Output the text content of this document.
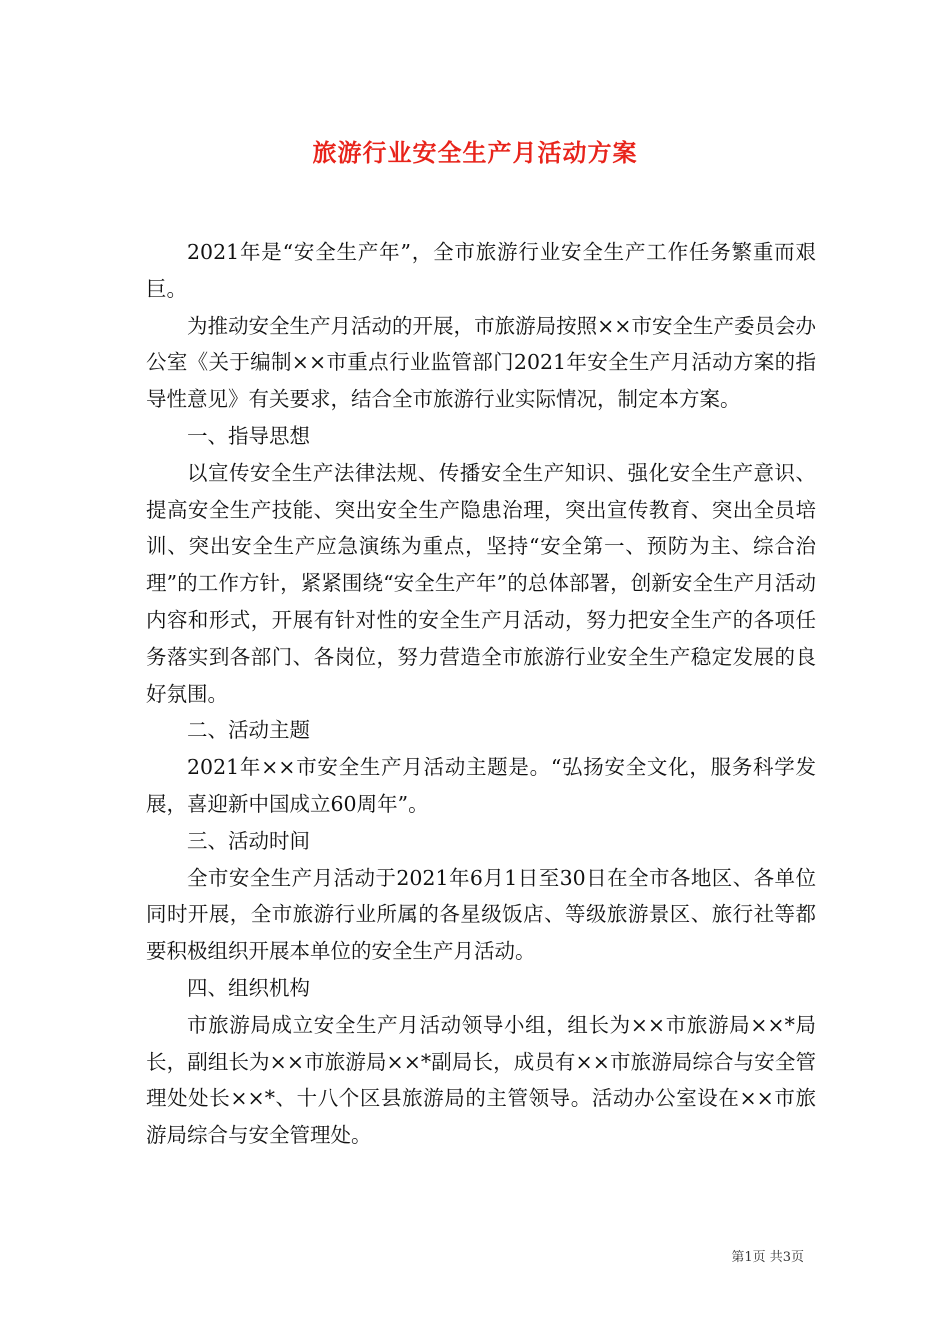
旅游行业安全生产月活动方案

2021年是“安全生产年”，全市旅游行业安全生产工作任务繁重而艰巨。

为推动安全生产月活动的开展，市旅游局按照××市安全生产委员会办公室《关于编制××市重点行业监管部门2021年安全生产月活动方案的指导性意见》有关要求，结合全市旅游行业实际情况，制定本方案。

一、指导思想

以宣传安全生产法律法规、传播安全生产知识、强化安全生产意识、提高安全生产技能、突出安全生产隐患治理，突出宣传教育、突出全员培训、突出安全生产应急演练为重点，坚持“安全第一、预防为主、综合治理”的工作方针，紧紧围绕“安全生产年”的总体部署，创新安全生产月活动内容和形式，开展有针对性的安全生产月活动，努力把安全生产的各项任务落实到各部门、各岗位，努力营造全市旅游行业安全生产稳定发展的良好氛围。

二、活动主题

2021年××市安全生产月活动主题是。“弘扬安全文化，服务科学发展，喜迎新中国成立60周年”。

三、活动时间

全市安全生产月活动于2021年6月1日至30日在全市各地区、各单位同时开展，全市旅游行业所属的各星级饭店、等级旅游景区、旅行社等都要积极组织开展本单位的安全生产月活动。

四、组织机构

市旅游局成立安全生产月活动领导小组，组长为××市旅游局××*局长，副组长为××市旅游局××*副局长，成员有××市旅游局综合与安全管理处处长××*、十八个区县旅游局的主管领导。活动办公室设在××市旅游局综合与安全管理处。

第1页 共3页
